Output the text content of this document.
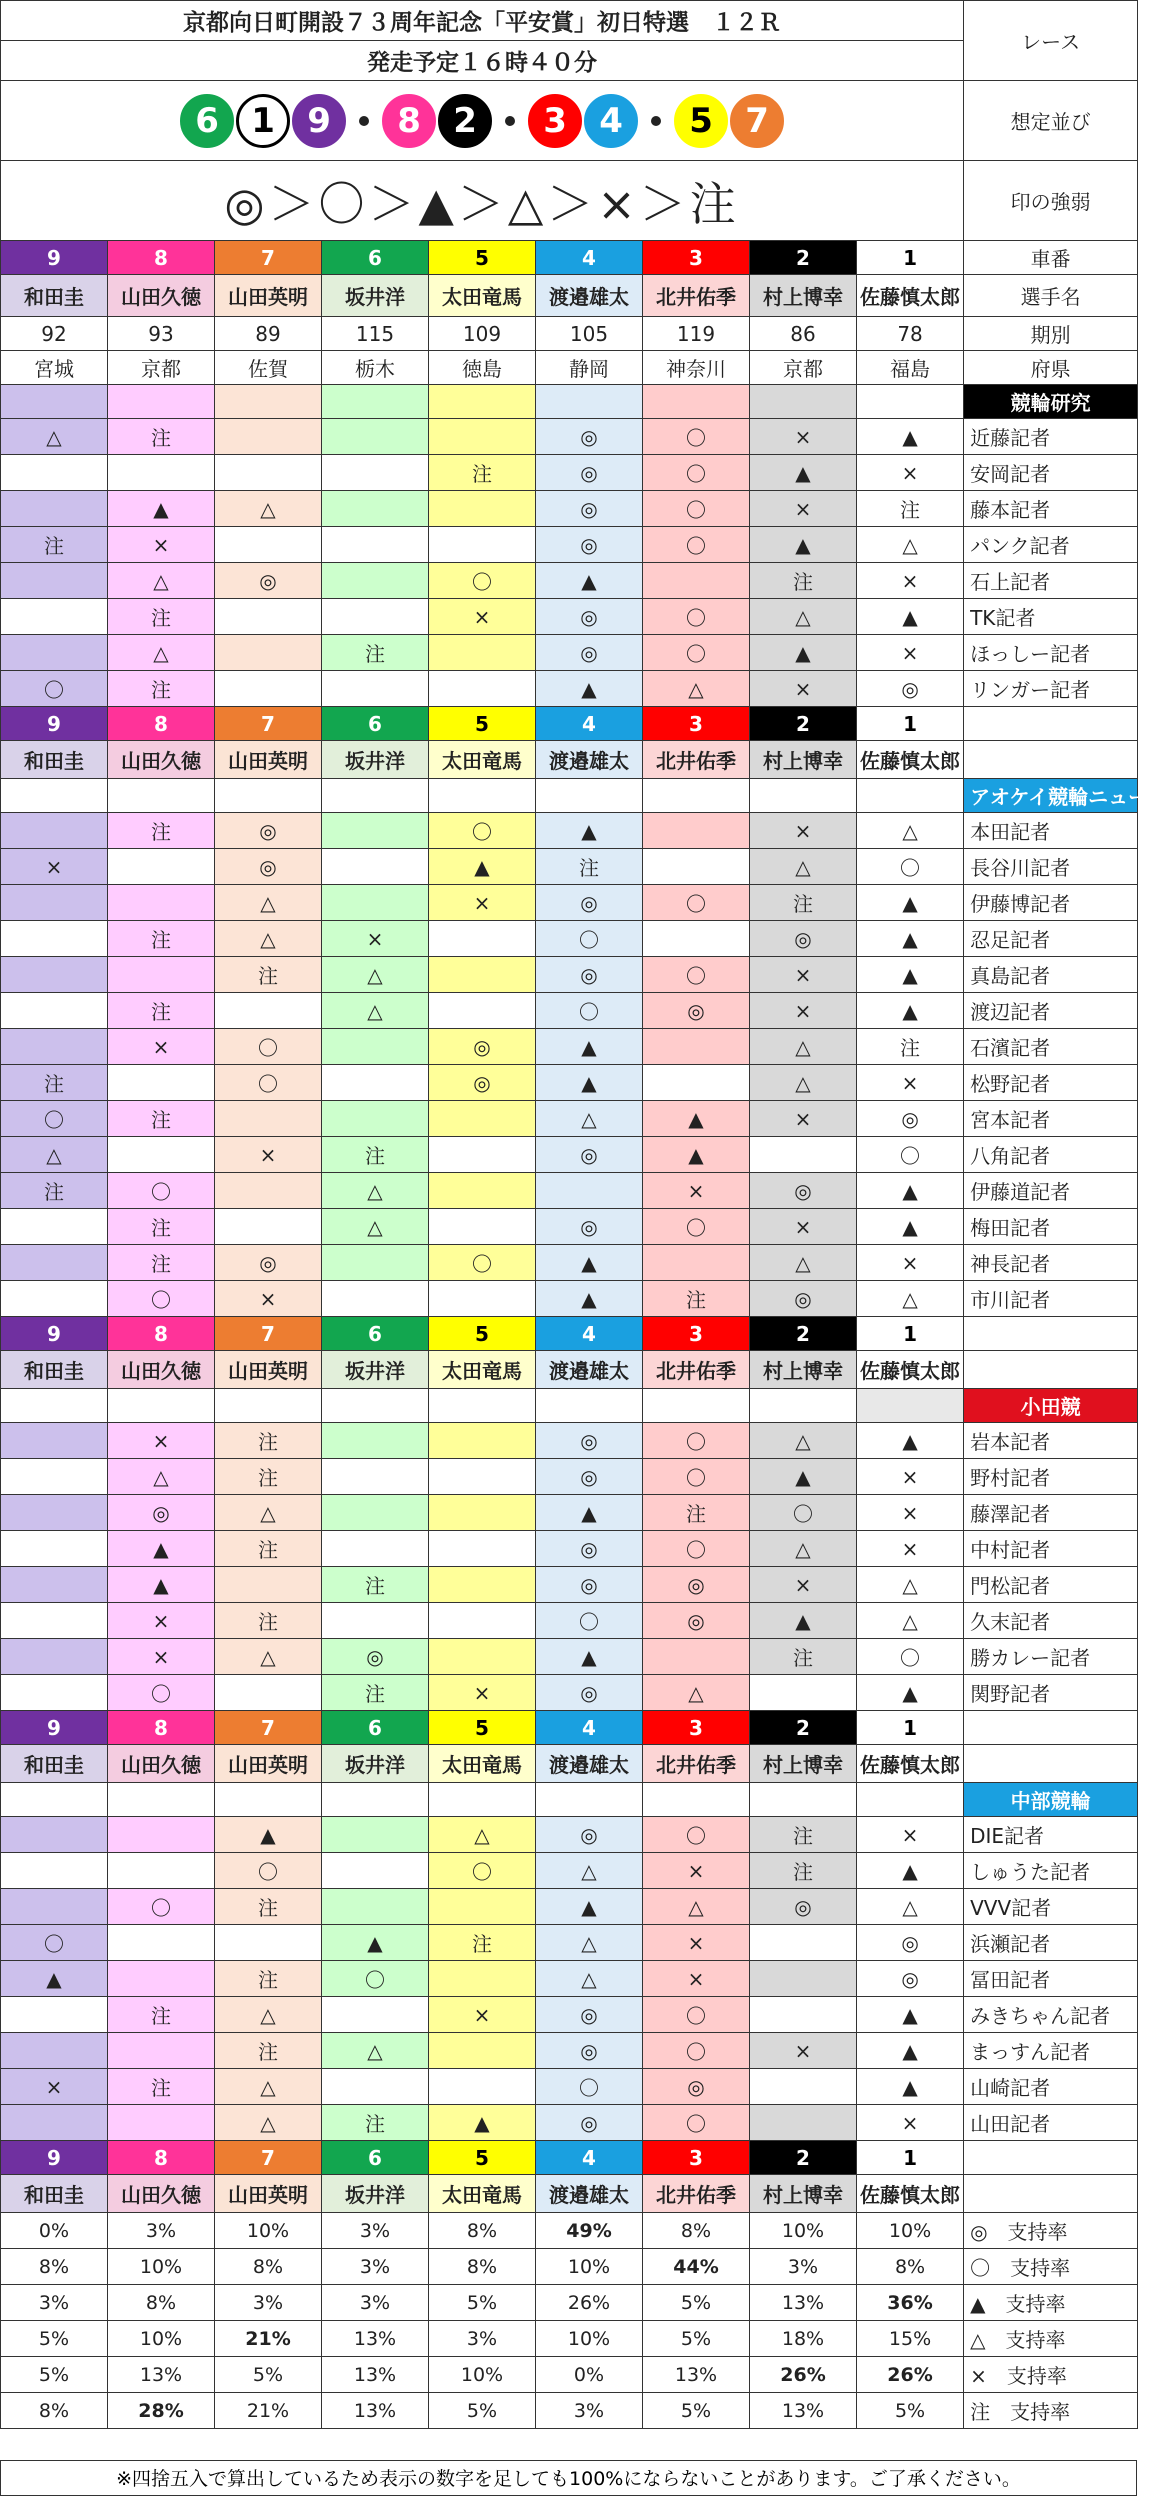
京都向日町開設７３周年記念「平安賞」初日特選　１２Ｒ									レース
発走予定１６時４０分									
6 1 9 8 2 3 4 5 7									想定並び
◎＞〇＞▲＞△＞×＞注									印の強弱
9	8	7	6	5	4	3	2	1	車番
和田圭	山田久徳	山田英明	坂井洋	太田竜馬	渡邉雄太	北井佑季	村上博幸	佐藤慎太郎	選手名
92	93	89	115	109	105	119	86	78	期別
宮城	京都	佐賀	栃木	徳島	静岡	神奈川	京都	福島	府県

									競輪研究

△	注				◎	〇	×	▲	近藤記者
				注	◎	〇	▲	×	安岡記者
	▲	△			◎	〇	×	注	藤本記者
注	×				◎	〇	▲	△	パンク記者
	△	◎		〇	▲		注	×	石上記者
	注			×	◎	〇	△	▲	TK記者
	△		注		◎	〇	▲	×	ほっしー記者
〇	注				▲	△	×	◎	リンガー記者
9	8	7	6	5	4	3	2	1	
和田圭	山田久徳	山田英明	坂井洋	太田竜馬	渡邉雄太	北井佑季	村上博幸	佐藤慎太郎	

									アオケイ競輪ニュース

	注	◎		〇	▲		×	△	本田記者
×		◎		▲	注		△	〇	長谷川記者
		△		×	◎	〇	注	▲	伊藤博記者
	注	△	×		〇		◎	▲	忍足記者
		注	△		◎	〇	×	▲	真島記者
	注		△		〇	◎	×	▲	渡辺記者
	×	〇		◎	▲		△	注	石濱記者
注		〇		◎	▲		△	×	松野記者
〇	注				△	▲	×	◎	宮本記者
△		×	注		◎	▲		〇	八角記者
注	〇		△			×	◎	▲	伊藤道記者
	注		△		◎	〇	×	▲	梅田記者
	注	◎		〇	▲		△	×	神長記者
	〇	×			▲	注	◎	△	市川記者
9	8	7	6	5	4	3	2	1	
和田圭	山田久徳	山田英明	坂井洋	太田竜馬	渡邉雄太	北井佑季	村上博幸	佐藤慎太郎	

									小田競

	×	注			◎	〇	△	▲	岩本記者
	△	注			◎	〇	▲	×	野村記者
	◎	△			▲	注	〇	×	藤澤記者
	▲	注			◎	〇	△	×	中村記者
	▲		注		◎	◎	×	△	門松記者
	×	注			〇	◎	▲	△	久末記者
	×	△	◎		▲		注	〇	勝カレー記者
	〇		注	×	◎	△		▲	関野記者
9	8	7	6	5	4	3	2	1	
和田圭	山田久徳	山田英明	坂井洋	太田竜馬	渡邉雄太	北井佑季	村上博幸	佐藤慎太郎	

									中部競輪

		▲		△	◎	〇	注	×	DIE記者
		〇		〇	△	×	注	▲	しゅうた記者
	〇	注			▲	△	◎	△	VVV記者
〇			▲	注	△	×		◎	浜瀬記者
▲		注	〇		△	×		◎	冨田記者
	注	△		×	◎	〇		▲	みきちゃん記者
		注	△		◎	〇	×	▲	まっすん記者
×	注	△			〇	◎		▲	山崎記者
		△	注	▲	◎	〇		×	山田記者
9	8	7	6	5	4	3	2	1	
和田圭	山田久徳	山田英明	坂井洋	太田竜馬	渡邉雄太	北井佑季	村上博幸	佐藤慎太郎	
0%	3%	10%	3%	8%	49%	8%	10%	10%	◎　支持率
8%	10%	8%	3%	8%	10%	44%	3%	8%	〇　支持率
3%	8%	3%	3%	5%	26%	5%	13%	36%	▲　支持率
5%	10%	21%	13%	3%	10%	5%	18%	15%	△　支持率
5%	13%	5%	13%	10%	0%	13%	26%	26%	×　支持率
8%	28%	21%	13%	5%	3%	5%	13%	5%	注　支持率
※四捨五入で算出しているため表示の数字を足しても100%にならないことがあります。ご了承ください。
